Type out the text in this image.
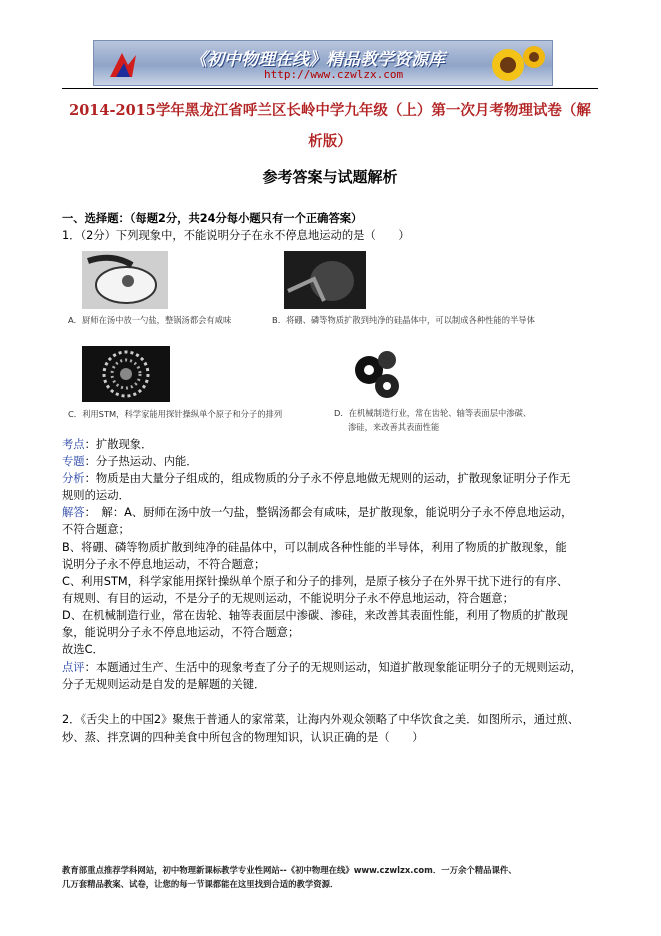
《初中物理在线》精品教学资源库
http://www.czwlzx.com
2014-2015学年黑龙江省呼兰区长岭中学九年级（上）第一次月考物理试卷（解
析版）
参考答案与试题解析
一、选择题：（每题2分，共24分每小题只有一个正确答案）
1．（2分）下列现象中，不能说明分子在永不停息地运动的是（　　）
A．厨师在汤中放一勺盐，整锅汤都会有咸味	B．将硼、磷等物质扩散到纯净的硅晶体中，可以制成各种性能的半导体
C．利用STM，科学家能用探针操纵单个原子和分子的排列	D．在机械制造行业，常在齿轮、轴等表面层中渗碳、
渗硅，来改善其表面性能
考点：扩散现象．
专题：分子热运动、内能．
分析：物质是由大量分子组成的，组成物质的分子永不停息地做无规则的运动，扩散现象证明分子作无
规则的运动．
解答：　解：A、厨师在汤中放一勺盐，整锅汤都会有咸味，是扩散现象，能说明分子永不停息地运动，
不符合题意；
B、将硼、磷等物质扩散到纯净的硅晶体中，可以制成各种性能的半导体，利用了物质的扩散现象，能
说明分子永不停息地运动，不符合题意；
C、利用STM，科学家能用探针操纵单个原子和分子的排列，是原子核分子在外界干扰下进行的有序、
有规则、有目的运动，不是分子的无规则运动，不能说明分子永不停息地运动，符合题意；
D、在机械制造行业，常在齿轮、轴等表面层中渗碳、渗硅，来改善其表面性能，利用了物质的扩散现
象，能说明分子永不停息地运动，不符合题意；
故选C．
点评：本题通过生产、生活中的现象考查了分子的无规则运动，知道扩散现象能证明分子的无规则运动，
分子无规则运动是自发的是解题的关键．
2．《舌尖上的中国2》聚焦于普通人的家常菜，让海内外观众领略了中华饮食之美．如图所示，通过煎、
炒、蒸、拌烹调的四种美食中所包含的物理知识，认识正确的是（　　）
教育部重点推荐学科网站，初中物理新课标教学专业性网站--《初中物理在线》www.czwlzx.com．一万余个精品课件、
几万套精品教案、试卷，让您的每一节课都能在这里找到合适的教学资源．
